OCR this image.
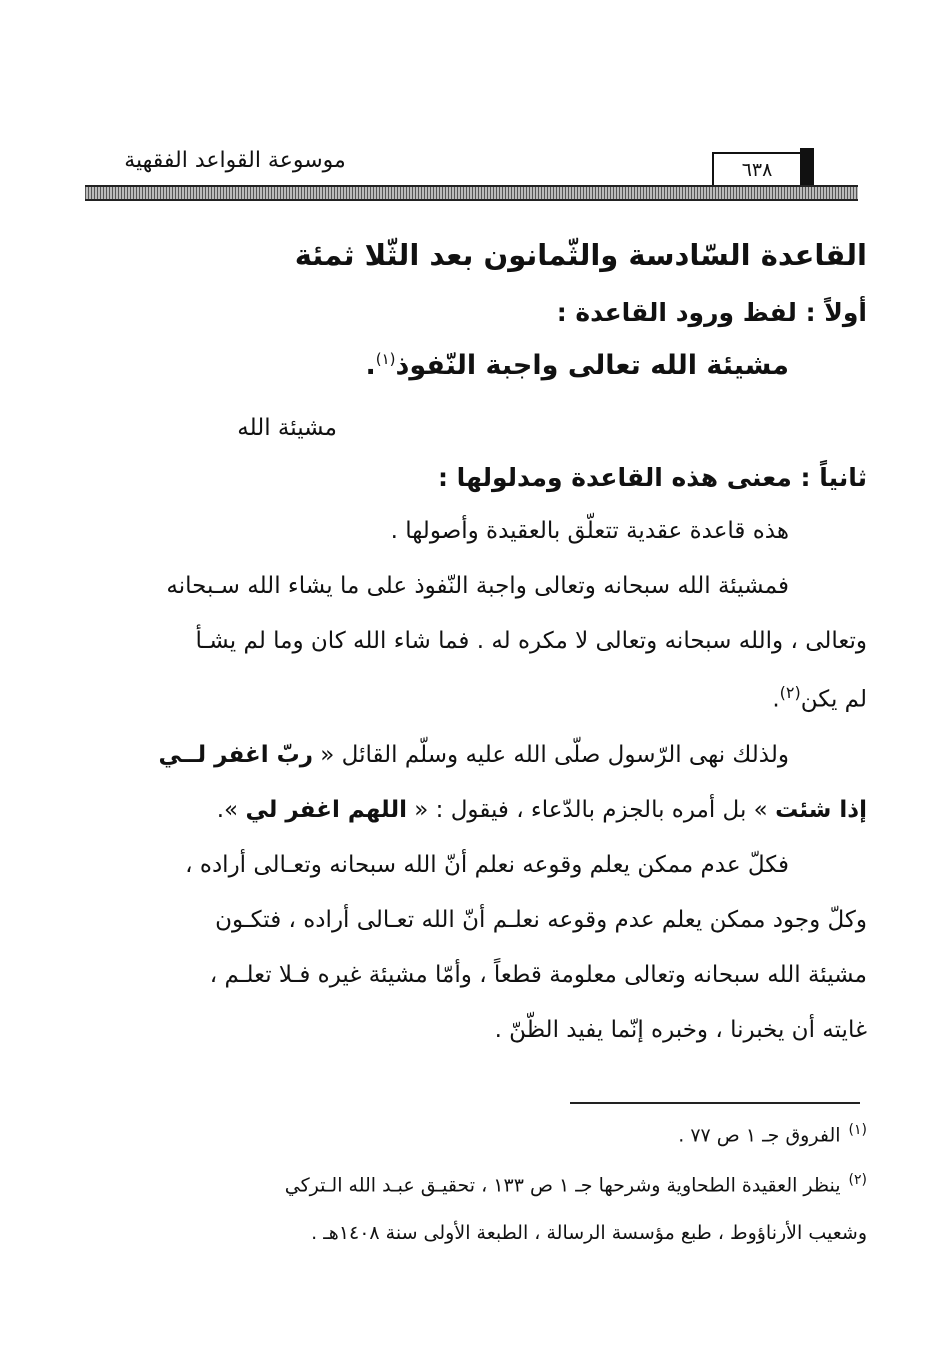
موسوعة القواعد الفقهية	٦٣٨
القاعدة السّادسة والثّمانون بعد الثّلا ثمئة
أولاً : لفظ ورود القاعدة :
مشيئة الله تعالى واجبة النّفوذ$^{(١)}$.
مشيئة الله
ثانياً : معنى هذه القاعدة ومدلولها :
هذه قاعدة عقدية تتعلّق بالعقيدة وأصولها .
فمشيئة الله سبحانه وتعالى واجبة النّفوذ على ما يشاء الله سـبحانه
وتعالى ، والله سبحانه وتعالى لا مكره له . فما شاء الله كان وما لم يشـأ
لم يكن$^{(٢)}$.
ولذلك نهى الرّسول صلّى الله عليه وسلّم القائل « ربّ اغفر لــي
إذا شئت » بل أمره بالجزم بالدّعاء ، فيقول : « اللهم اغفر لي ».
فكلّ عدم ممكن يعلم وقوعه نعلم أنّ الله سبحانه وتعـالى أراده ،
وكلّ وجود ممكن يعلم عدم وقوعه نعلـم أنّ الله تعـالى أراده ، فتكـون
مشيئة الله سبحانه وتعالى معلومة قطعاً ، وأمّا مشيئة غيره فـلا تعلـم ،
غايته أن يخبرنا ، وخبره إنّما يفيد الظّنّ .
$^{(١)}$الفروق جـ ١ ص ٧٧ .
$^{(٢)}$ينظر العقيدة الطحاوية وشرحها جـ ١ ص ١٣٣ ، تحقيـق عبـد الله الـتركي
وشعيب الأرناؤوط ، طبع مؤسسة الرسالة ، الطبعة الأولى سنة ١٤٠٨هـ .
